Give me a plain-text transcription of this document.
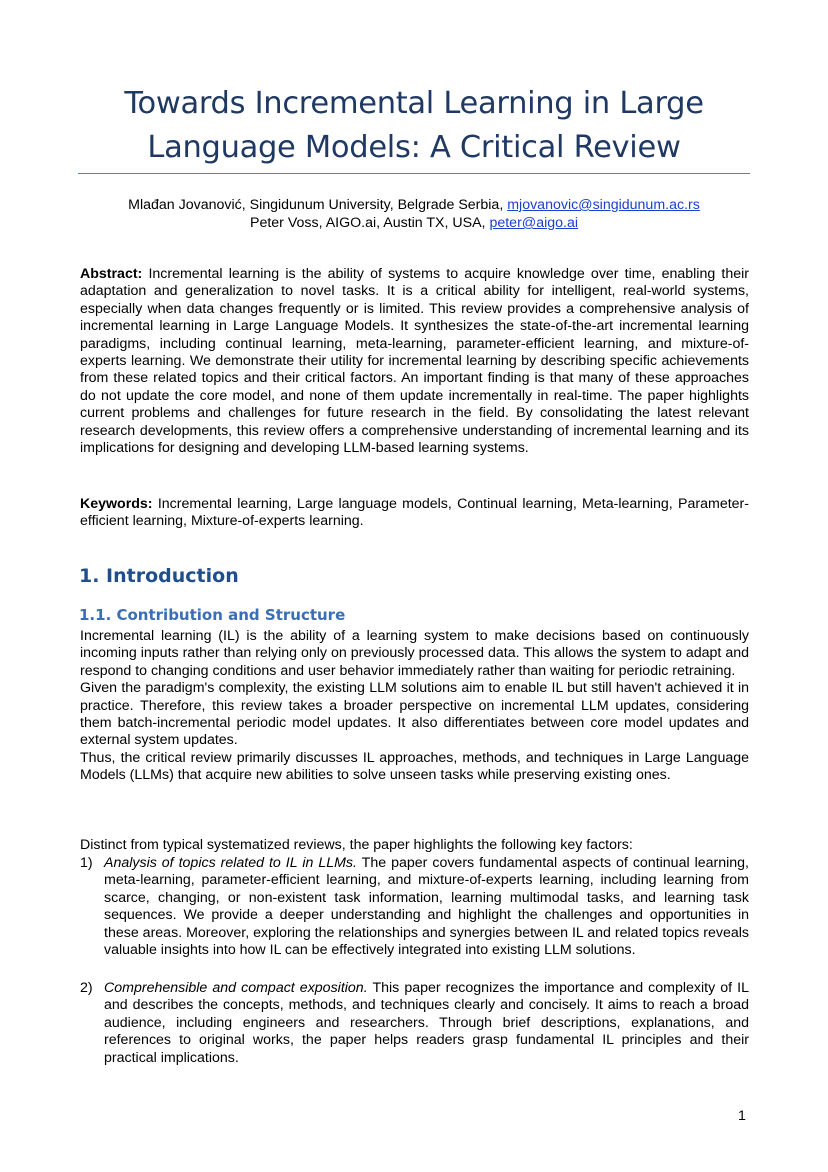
Towards Incremental Learning in Large
Language Models: A Critical Review
Mlađan Jovanović, Singidunum University, Belgrade Serbia, mjovanovic@singidunum.ac.rs
Peter Voss, AIGO.ai, Austin TX, USA, peter@aigo.ai

Abstract: Incremental learning is the ability of systems to acquire knowledge over time, enabling their adaptation and generalization to novel tasks. It is a critical ability for intelligent, real-world systems, especially when data changes frequently or is limited. This review provides a comprehensive analysis of incremental learning in Large Language Models. It synthesizes the state-of-the-art incremental learning paradigms, including continual learning, meta-learning, parameter-efficient learning, and mixture-of-experts learning. We demonstrate their utility for incremental learning by describing specific achievements from these related topics and their critical factors. An important finding is that many of these approaches do not update the core model, and none of them update incrementally in real-time. The paper highlights current problems and challenges for future research in the field. By consolidating the latest relevant research developments, this review offers a comprehensive understanding of incremental learning and its implications for designing and developing LLM-based learning systems.

Keywords: Incremental learning, Large language models, Continual learning, Meta-learning, Parameter-efficient learning, Mixture-of-experts learning.

1. Introduction
1.1. Contribution and Structure

Incremental learning (IL) is the ability of a learning system to make decisions based on continuously incoming inputs rather than relying only on previously processed data. This allows the system to adapt and respond to changing conditions and user behavior immediately rather than waiting for periodic retraining.

Given the paradigm's complexity, the existing LLM solutions aim to enable IL but still haven't achieved it in practice. Therefore, this review takes a broader perspective on incremental LLM updates, considering them batch-incremental periodic model updates. It also differentiates between core model updates and external system updates.

Thus, the critical review primarily discusses IL approaches, methods, and techniques in Large Language Models (LLMs) that acquire new abilities to solve unseen tasks while preserving existing ones.

Distinct from typical systematized reviews, the paper highlights the following key factors:

1) Analysis of topics related to IL in LLMs. The paper covers fundamental aspects of continual learning, meta-learning, parameter-efficient learning, and mixture-of-experts learning, including learning from scarce, changing, or non-existent task information, learning multimodal tasks, and learning task sequences. We provide a deeper understanding and highlight the challenges and opportunities in these areas. Moreover, exploring the relationships and synergies between IL and related topics reveals valuable insights into how IL can be effectively integrated into existing LLM solutions.
2) Comprehensible and compact exposition. This paper recognizes the importance and complexity of IL and describes the concepts, methods, and techniques clearly and concisely. It aims to reach a broad audience, including engineers and researchers. Through brief descriptions, explanations, and references to original works, the paper helps readers grasp fundamental IL principles and their practical implications.
1
